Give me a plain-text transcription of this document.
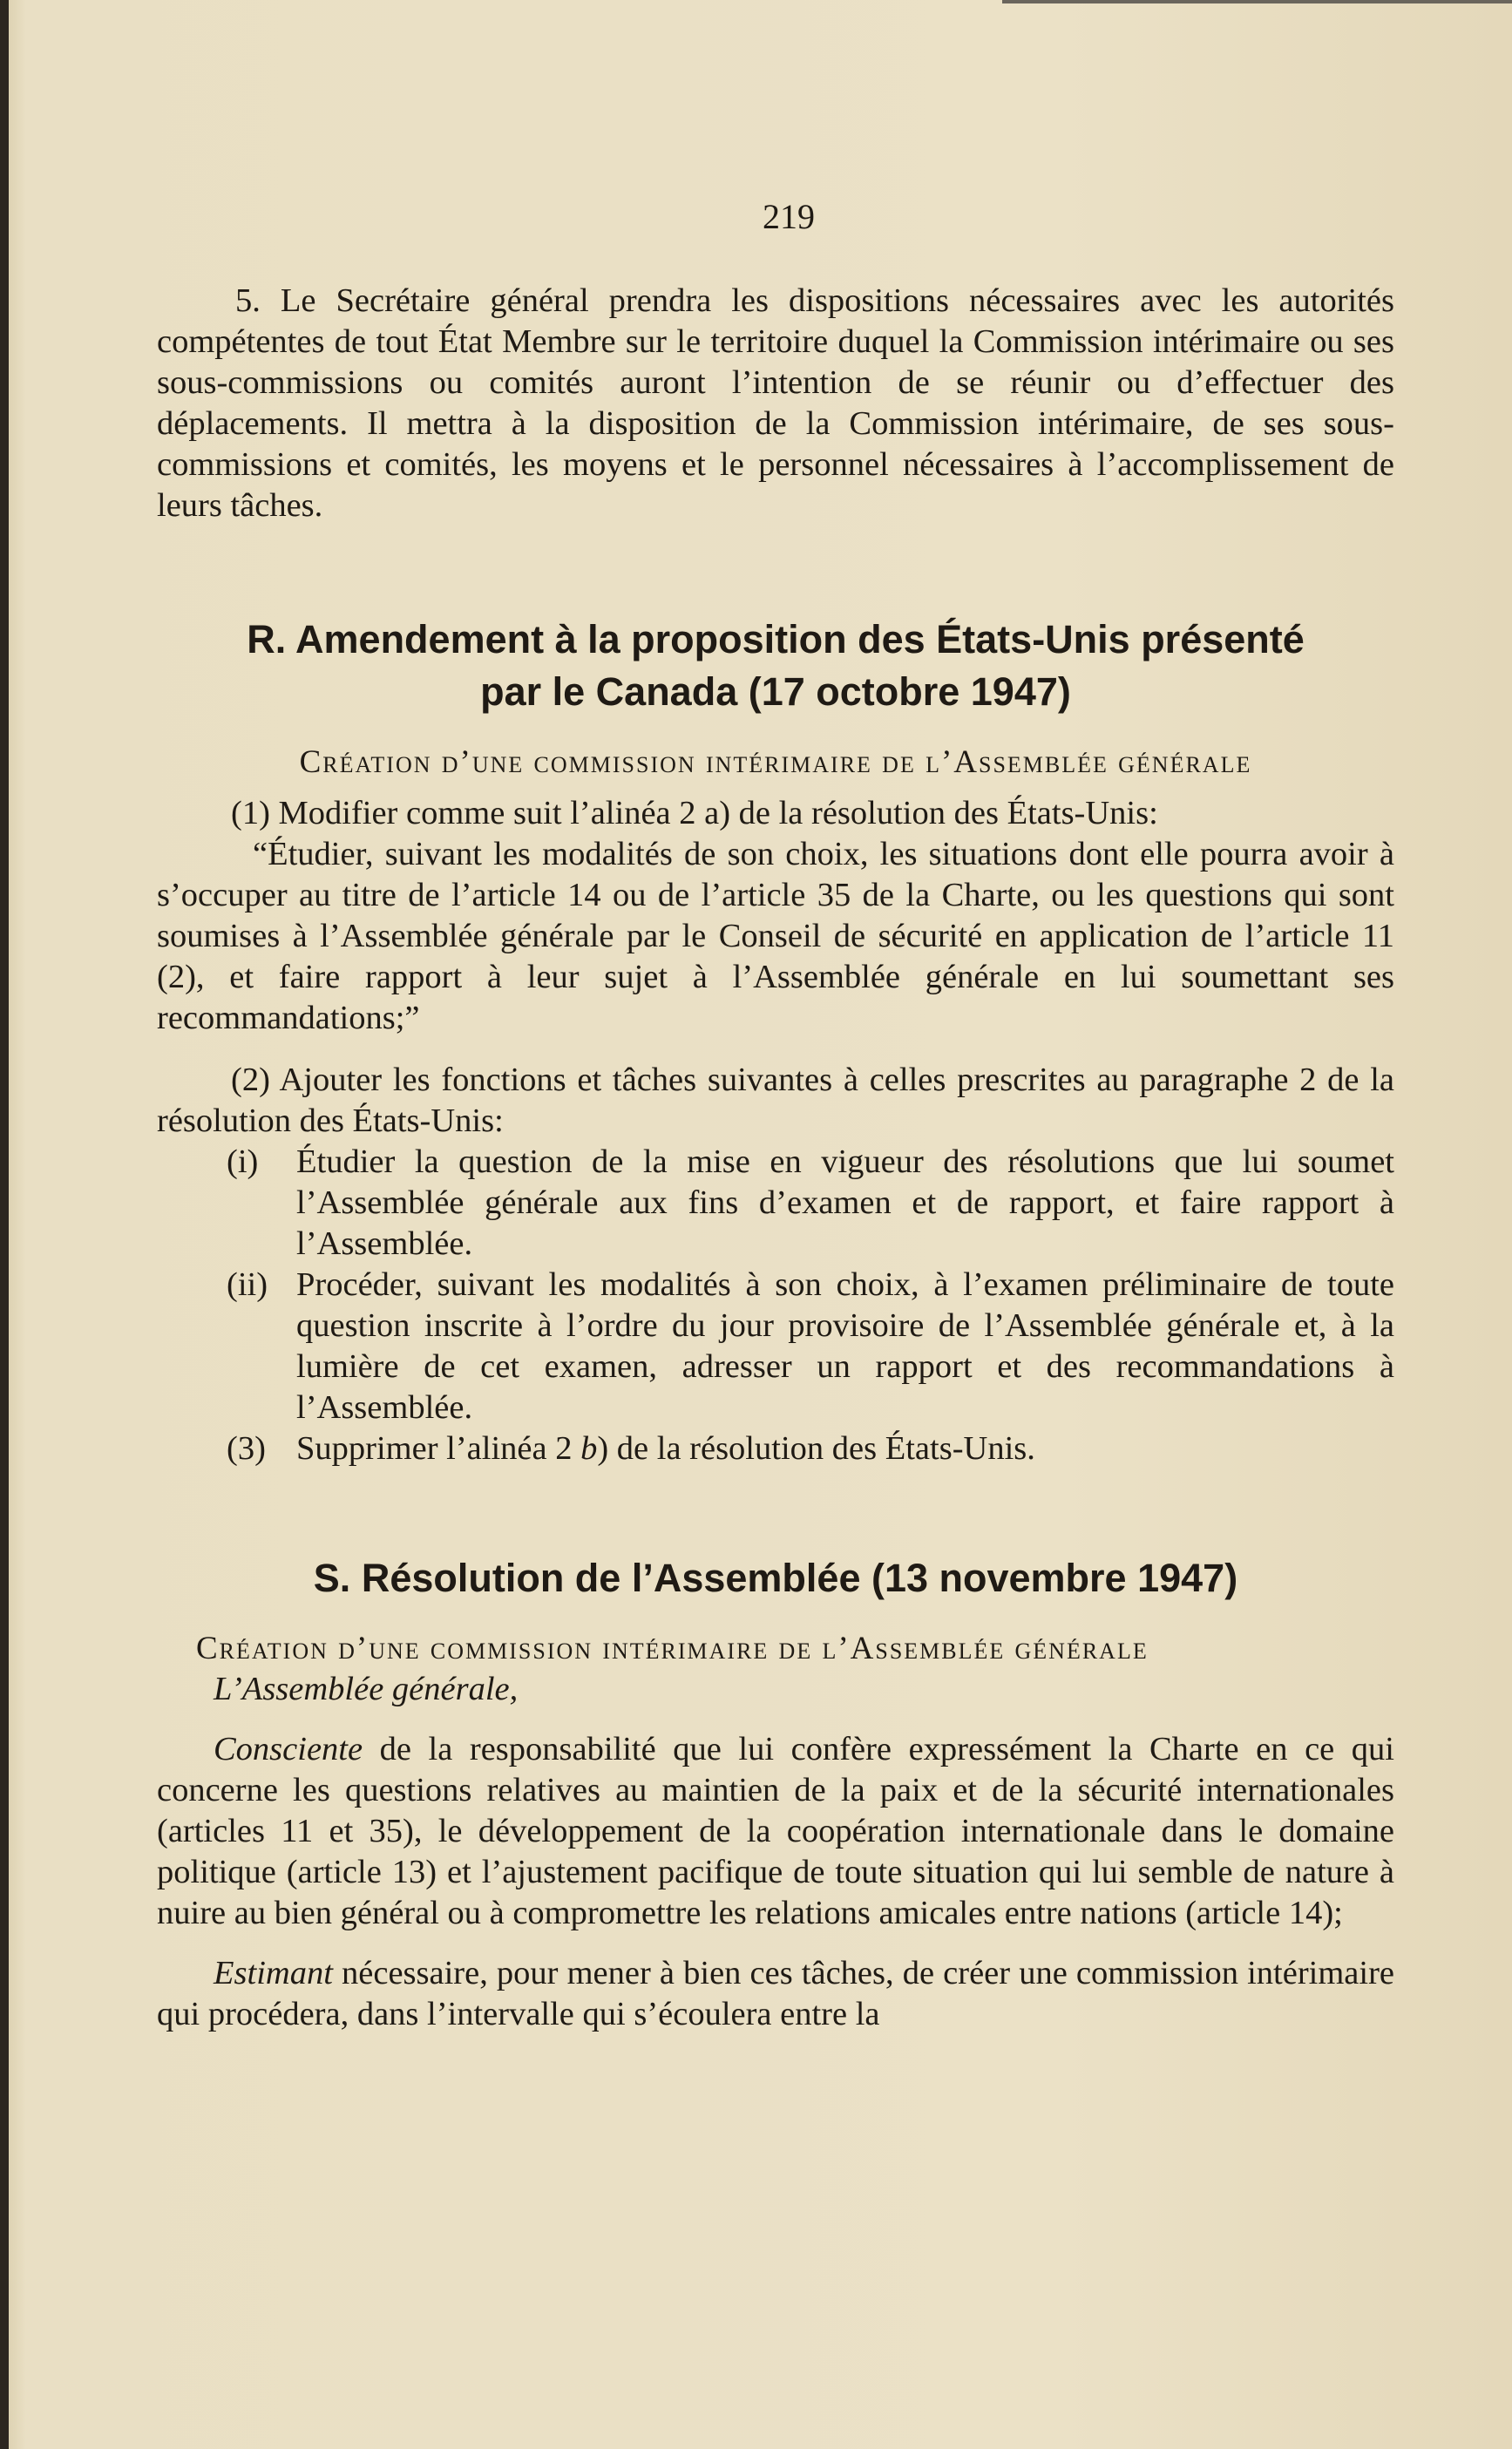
219

5. Le Secrétaire général prendra les dispositions nécessaires avec les autorités compétentes de tout État Membre sur le territoire duquel la Commission intérimaire ou ses sous-commissions ou comités auront l’intention de se réunir ou d’effectuer des déplacements. Il mettra à la disposition de la Commission intérimaire, de ses sous-commissions et comités, les moyens et le personnel nécessaires à l’accomplissement de leurs tâches.

R. Amendement à la proposition des États-Unis présenté
par le Canada (17 octobre 1947)

Création d’une commission intérimaire de l’Assemblée générale

(1) Modifier comme suit l’alinéa 2 a) de la résolution des États-Unis:

“Étudier, suivant les modalités de son choix, les situations dont elle pourra avoir à s’occuper au titre de l’article 14 ou de l’article 35 de la Charte, ou les questions qui sont soumises à l’Assemblée générale par le Conseil de sécurité en application de l’article 11 (2), et faire rapport à leur sujet à l’Assemblée générale en lui soumettant ses recommandations;”

(2) Ajouter les fonctions et tâches suivantes à celles prescrites au paragraphe 2 de la résolution des États-Unis:

(i)	Étudier la question de la mise en vigueur des résolutions que lui soumet l’Assemblée générale aux fins d’examen et de rapport, et faire rapport à l’Assemblée.

(ii) Procéder, suivant les modalités à son choix, à l’examen préliminaire de toute question inscrite à l’ordre du jour provisoire de l’Assemblée générale et, à la lumière de cet examen, adresser un rapport et des recommandations à l’Assemblée.

(3) Supprimer l’alinéa 2 b) de la résolution des États-Unis.

S. Résolution de l’Assemblée (13 novembre 1947)

Création d’une commission intérimaire de l’Assemblée générale

L’Assemblée générale,

Consciente de la responsabilité que lui confère expressément la Charte en ce qui concerne les questions relatives au maintien de la paix et de la sécurité internationales (articles 11 et 35), le développement de la coopération internationale dans le domaine politique (article 13) et l’ajustement pacifique de toute situation qui lui semble de nature à nuire au bien général ou à compromettre les relations amicales entre nations (article 14);

Estimant nécessaire, pour mener à bien ces tâches, de créer une commission intérimaire qui procédera, dans l’intervalle qui s’écoulera entre la
